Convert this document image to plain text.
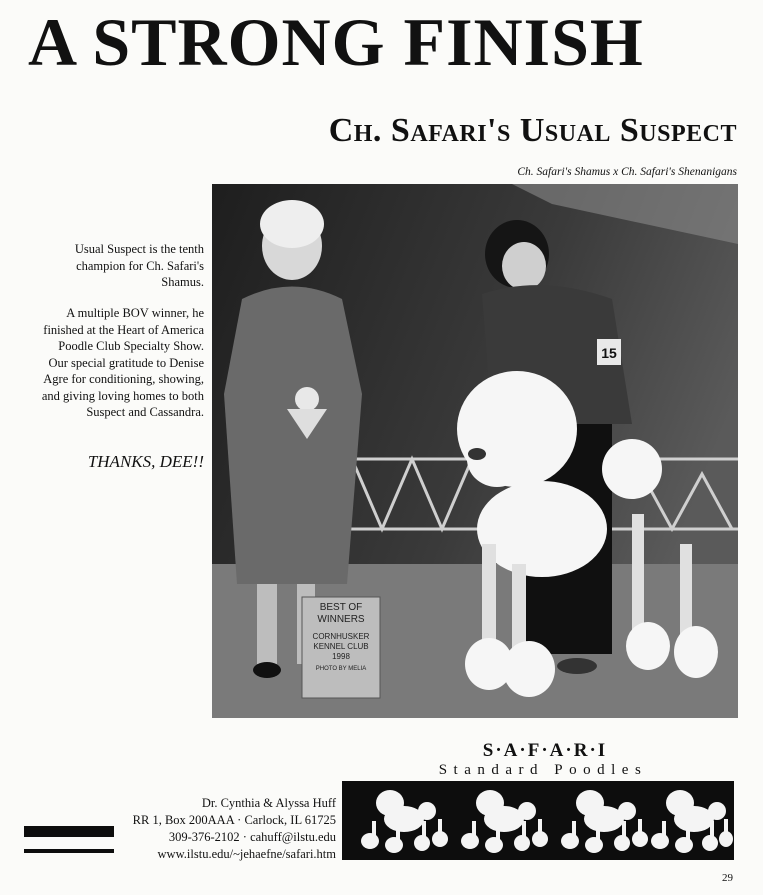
A STRONG FINISH
Ch. Safari's Usual Suspect
Ch. Safari's Shamus x Ch. Safari's Shenanigans
BEST OF
WINNERS
CORNHUSKER
KENNEL CLUB
1998
PHOTO BY MELIA
15
Usual Suspect is the tenth champion for Ch. Safari's Shamus.
A multiple BOV winner, he finished at the Heart of America Poodle Club Specialty Show. Our special gratitude to Denise Agre for conditioning, showing, and giving loving homes to both Suspect and Cassandra.
THANKS, DEE!!
S·A·F·A·R·I
Standard Poodles
Dr. Cynthia & Alyssa Huff
RR 1, Box 200AAA · Carlock, IL 61725
309-376-2102 · cahuff@ilstu.edu
www.ilstu.edu/~jehaefne/safari.htm
29
